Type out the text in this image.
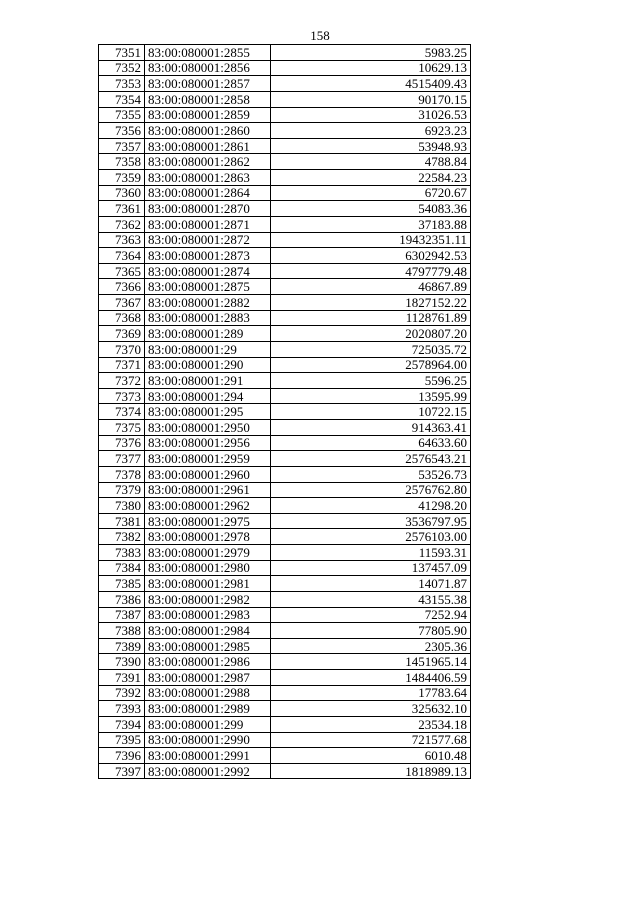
158
7351	83:00:080001:2855	5983.25
7352	83:00:080001:2856	10629.13
7353	83:00:080001:2857	4515409.43
7354	83:00:080001:2858	90170.15
7355	83:00:080001:2859	31026.53
7356	83:00:080001:2860	6923.23
7357	83:00:080001:2861	53948.93
7358	83:00:080001:2862	4788.84
7359	83:00:080001:2863	22584.23
7360	83:00:080001:2864	6720.67
7361	83:00:080001:2870	54083.36
7362	83:00:080001:2871	37183.88
7363	83:00:080001:2872	19432351.11
7364	83:00:080001:2873	6302942.53
7365	83:00:080001:2874	4797779.48
7366	83:00:080001:2875	46867.89
7367	83:00:080001:2882	1827152.22
7368	83:00:080001:2883	1128761.89
7369	83:00:080001:289	2020807.20
7370	83:00:080001:29	725035.72
7371	83:00:080001:290	2578964.00
7372	83:00:080001:291	5596.25
7373	83:00:080001:294	13595.99
7374	83:00:080001:295	10722.15
7375	83:00:080001:2950	914363.41
7376	83:00:080001:2956	64633.60
7377	83:00:080001:2959	2576543.21
7378	83:00:080001:2960	53526.73
7379	83:00:080001:2961	2576762.80
7380	83:00:080001:2962	41298.20
7381	83:00:080001:2975	3536797.95
7382	83:00:080001:2978	2576103.00
7383	83:00:080001:2979	11593.31
7384	83:00:080001:2980	137457.09
7385	83:00:080001:2981	14071.87
7386	83:00:080001:2982	43155.38
7387	83:00:080001:2983	7252.94
7388	83:00:080001:2984	77805.90
7389	83:00:080001:2985	2305.36
7390	83:00:080001:2986	1451965.14
7391	83:00:080001:2987	1484406.59
7392	83:00:080001:2988	17783.64
7393	83:00:080001:2989	325632.10
7394	83:00:080001:299	23534.18
7395	83:00:080001:2990	721577.68
7396	83:00:080001:2991	6010.48
7397	83:00:080001:2992	1818989.13
